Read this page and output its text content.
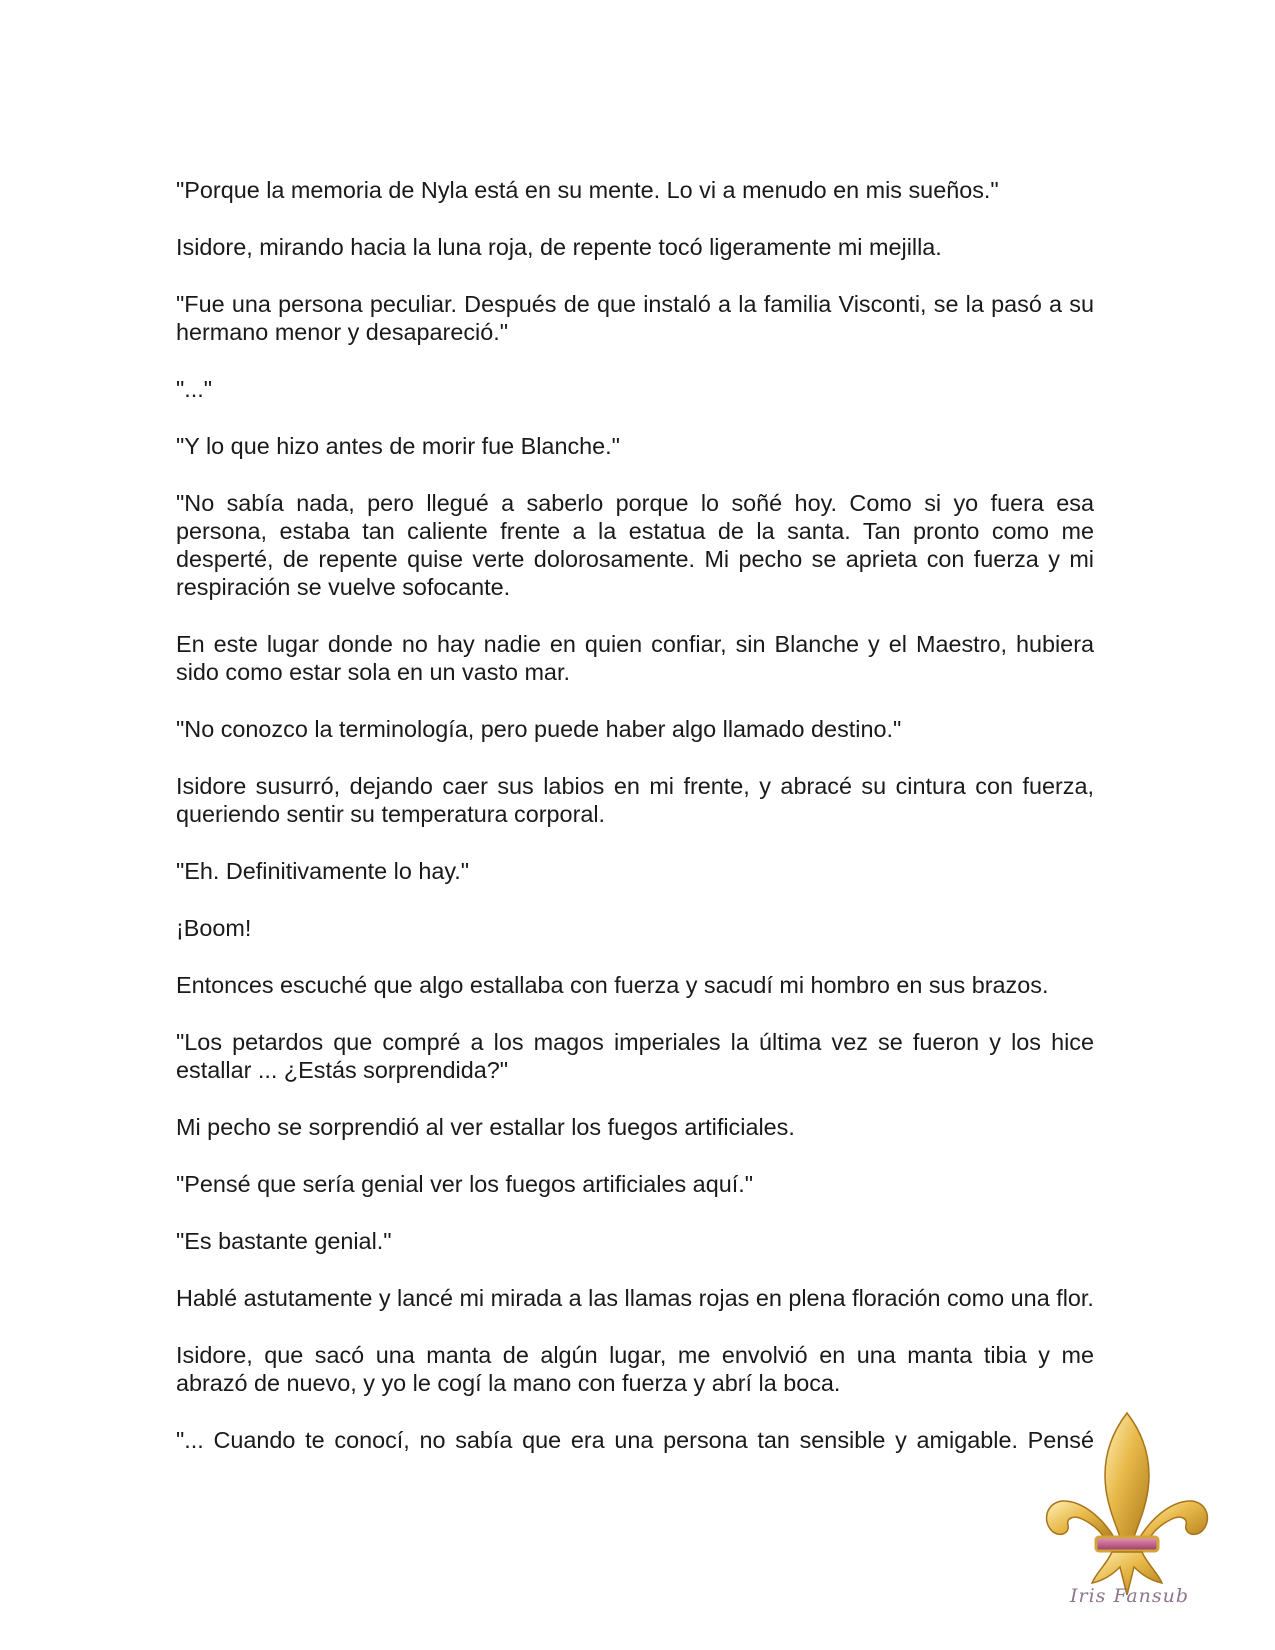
"Porque la memoria de Nyla está en su mente. Lo vi a menudo en mis sueños."

Isidore, mirando hacia la luna roja, de repente tocó ligeramente mi mejilla.

"Fue una persona peculiar. Después de que instaló a la familia Visconti, se la pasó a su hermano menor y desapareció."

"..."

"Y lo que hizo antes de morir fue Blanche."

"No sabía nada, pero llegué a saberlo porque lo soñé hoy. Como si yo fuera esa persona, estaba tan caliente frente a la estatua de la santa. Tan pronto como me desperté, de repente quise verte dolorosamente. Mi pecho se aprieta con fuerza y mi respiración se vuelve sofocante.

En este lugar donde no hay nadie en quien confiar, sin Blanche y el Maestro, hubiera sido como estar sola en un vasto mar.

"No conozco la terminología, pero puede haber algo llamado destino."

Isidore susurró, dejando caer sus labios en mi frente, y abracé su cintura con fuerza, queriendo sentir su temperatura corporal.

"Eh. Definitivamente lo hay."

¡Boom!

Entonces escuché que algo estallaba con fuerza y sacudí mi hombro en sus brazos.

"Los petardos que compré a los magos imperiales la última vez se fueron y los hice estallar ... ¿Estás sorprendida?"

Mi pecho se sorprendió al ver estallar los fuegos artificiales.

"Pensé que sería genial ver los fuegos artificiales aquí."

"Es bastante genial."

Hablé astutamente y lancé mi mirada a las llamas rojas en plena floración como una flor.

Isidore, que sacó una manta de algún lugar, me envolvió en una manta tibia y me abrazó de nuevo, y yo le cogí la mano con fuerza y abrí la boca.

"... Cuando te conocí, no sabía que era una persona tan sensible y amigable. Pensé

Iris Fansub
